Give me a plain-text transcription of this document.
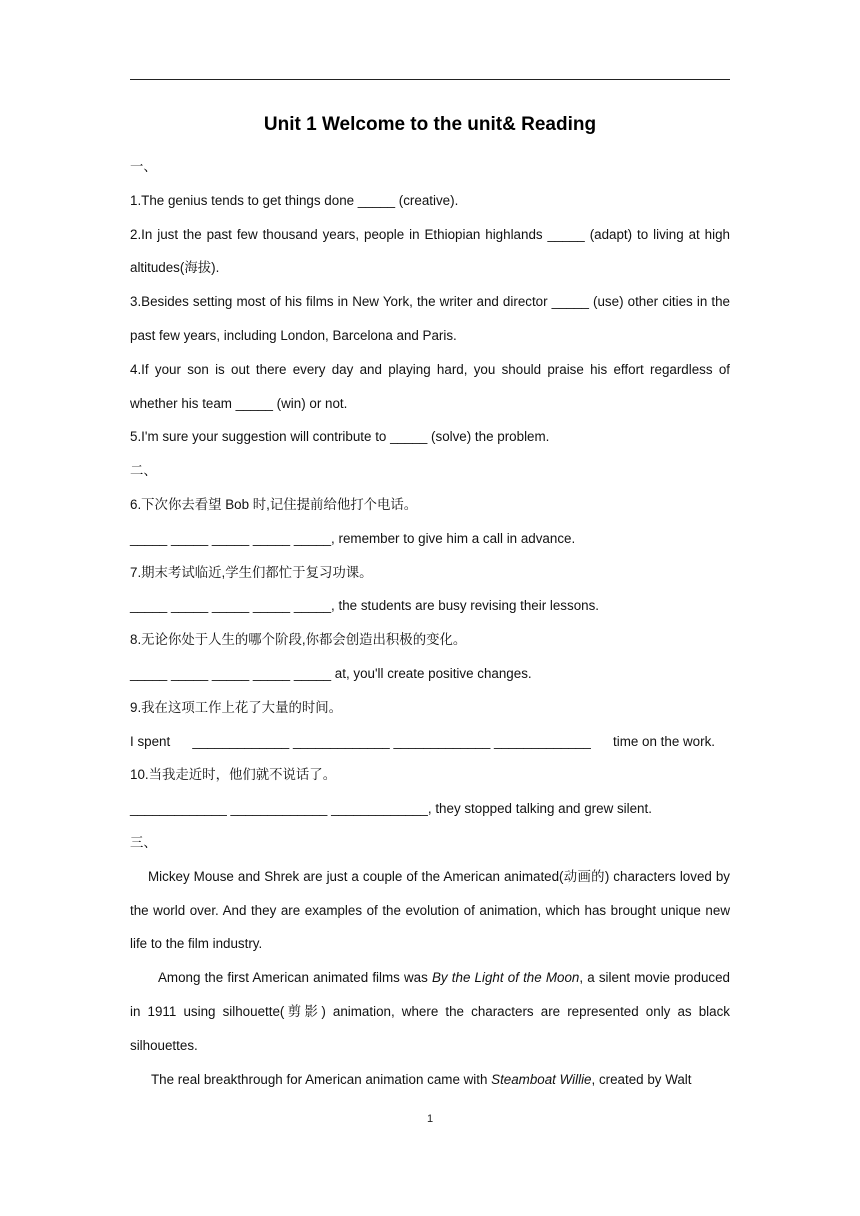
Unit 1 Welcome to the unit& Reading

一、

1.The genius tends to get things done _____ (creative).

2.In just the past few thousand years, people in Ethiopian highlands _____ (adapt) to living at high altitudes(海拔).

3.Besides setting most of his films in New York, the writer and director _____ (use) other cities in the past few years, including London, Barcelona and Paris.

4.If your son is out there every day and playing hard, you should praise his effort regardless of whether his team _____ (win) or not.

5.I'm sure your suggestion will contribute to _____ (solve) the problem.

二、

6.下次你去看望 Bob 时,记住提前给他打个电话。

_____ _____ _____ _____ _____, remember to give him a call in advance.

7.期末考试临近,学生们都忙于复习功课。

_____ _____ _____ _____ _____, the students are busy revising their lessons.

8.无论你处于人生的哪个阶段,你都会创造出积极的变化。

_____ _____ _____ _____ _____ at, you'll create positive changes.

9.我在这项工作上花了大量的时间。

I spent _____________ _____________ _____________ _____________ time on the work.

10.当我走近时，他们就不说话了。

_____________ _____________ _____________, they stopped talking and grew silent.

三、

Mickey Mouse and Shrek are just a couple of the American animated(动画的) characters loved by the world over. And they are examples of the evolution of animation, which has brought unique new life to the film industry.

Among the first American animated films was By the Light of the Moon, a silent movie produced in 1911 using silhouette(剪影) animation, where the characters are represented only as black silhouettes.

The real breakthrough for American animation came with Steamboat Willie, created by Walt

1
